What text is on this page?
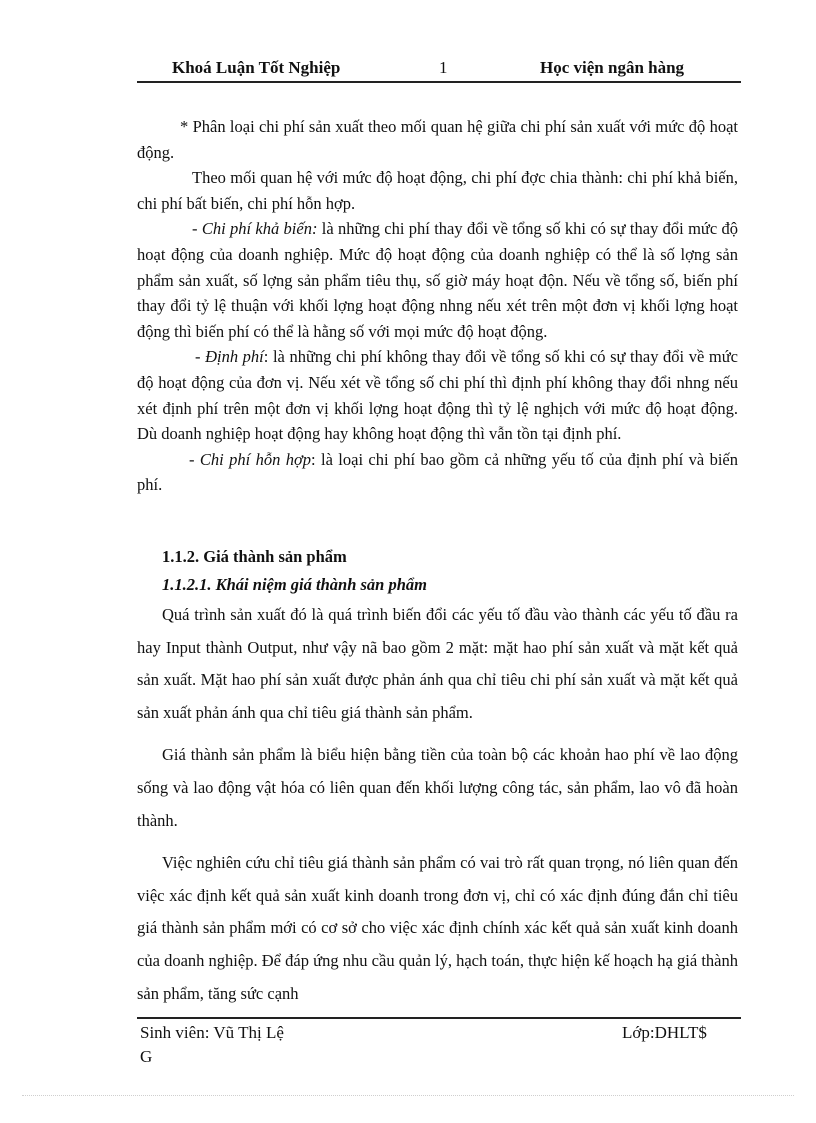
Khoá Luận Tốt Nghiệp	1	Học viện ngân hàng

* Phân loại chi phí sản xuất theo mối quan hệ giữa chi phí sản xuất với mức độ hoạt động.

Theo mối quan hệ với mức độ hoạt động, chi phí đợc chia thành: chi phí khả biến, chi phí bất biến, chi phí hỗn hợp.

- Chi phí khả biến: là những chi phí thay đổi về tổng số khi có sự thay đổi mức độ hoạt động của doanh nghiệp. Mức độ hoạt động của doanh nghiệp có thể là số lợng sản phẩm sản xuất, số lợng sản phẩm tiêu thụ, số giờ máy hoạt độn. Nếu về tổng số, biến phí thay đổi tỷ lệ thuận với khối lợng hoạt động nhng nếu xét trên một đơn vị khối lợng hoạt động thì biến phí có thể là hằng số với mọi mức độ hoạt động.

- Định phí: là những chi phí không thay đổi về tổng số khi có sự thay đổi về mức độ hoạt động của đơn vị. Nếu xét về tổng số chi phí thì định phí không thay đổi nhng nếu xét định phí trên một đơn vị khối lợng hoạt động thì tỷ lệ nghịch với mức độ hoạt động. Dù doanh nghiệp hoạt động hay không hoạt động thì vẫn tồn tại định phí.

- Chi phí hỗn hợp: là loại chi phí bao gồm cả những yếu tố của định phí và biến phí.

1.1.2. Giá thành sản phẩm

1.1.2.1. Khái niệm giá thành sản phẩm

Quá trình sản xuất đó là quá trình biến đổi các yếu tố đầu vào thành các yếu tố đầu ra hay Input thành Output, như vậy nã bao gồm 2 mặt: mặt hao phí sản xuất và mặt kết quả sản xuất. Mặt hao phí sản xuất được phản ánh qua chỉ tiêu chi phí sản xuất và mặt kết quả sản xuất phản ánh qua chỉ tiêu giá thành sản phẩm.

Giá thành sản phẩm là biểu hiện bằng tiền của toàn bộ các khoản hao phí về lao động sống và lao động vật hóa có liên quan đến khối lượng công tác, sản phẩm, lao vô đã hoàn thành.

Việc nghiên cứu chỉ tiêu giá thành sản phẩm có vai trò rất quan trọng, nó liên quan đến việc xác định kết quả sản xuất kinh doanh trong đơn vị, chỉ có xác định đúng đắn chỉ tiêu giá thành sản phẩm mới có cơ sở cho việc xác định chính xác kết quả sản xuất kinh doanh của doanh nghiệp. Để đáp ứng nhu cầu quản lý, hạch toán, thực hiện kế hoạch hạ giá thành sản phẩm, tăng sức cạnh

Sinh viên: Vũ Thị Lệ
G
Lớp:DHLT$
